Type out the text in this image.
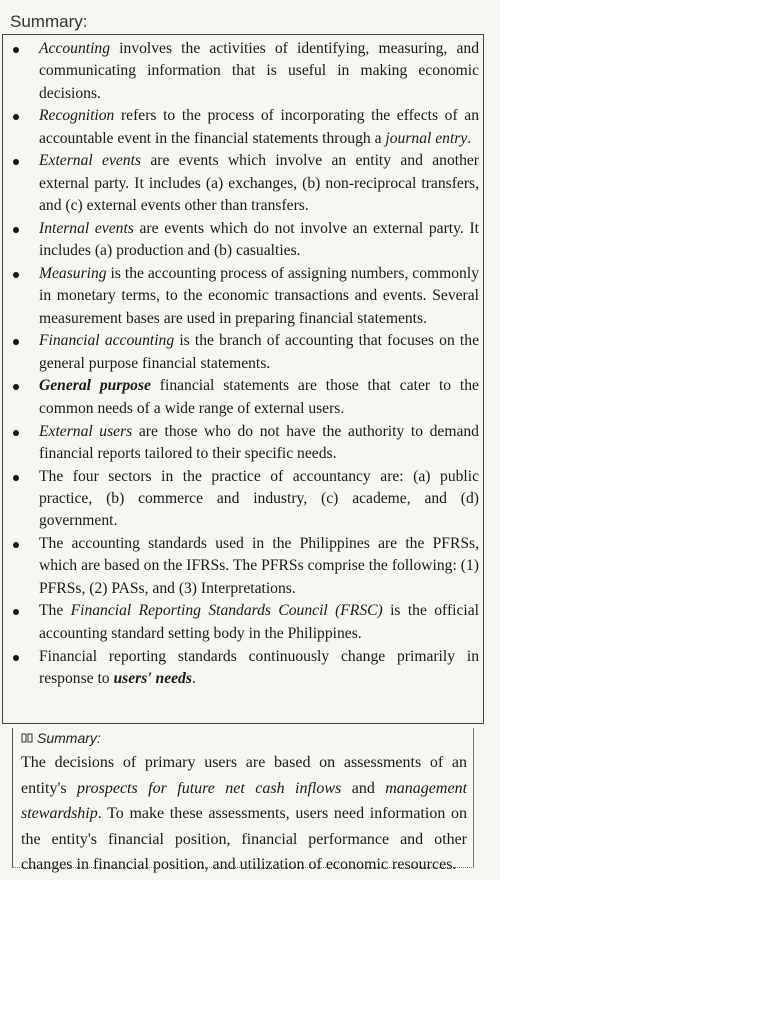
Summary:
Accounting involves the activities of identifying, measuring, and communicating information that is useful in making economic decisions.
Recognition refers to the process of incorporating the effects of an accountable event in the financial statements through a journal entry.
External events are events which involve an entity and another external party. It includes (a) exchanges, (b) non-reciprocal transfers, and (c) external events other than transfers.
Internal events are events which do not involve an external party. It includes (a) production and (b) casualties.
Measuring is the accounting process of assigning numbers, commonly in monetary terms, to the economic transactions and events. Several measurement bases are used in preparing financial statements.
Financial accounting is the branch of accounting that focuses on the general purpose financial statements.
General purpose financial statements are those that cater to the common needs of a wide range of external users.
External users are those who do not have the authority to demand financial reports tailored to their specific needs.
The four sectors in the practice of accountancy are: (a) public practice, (b) commerce and industry, (c) academe, and (d) government.
The accounting standards used in the Philippines are the PFRSs, which are based on the IFRSs. The PFRSs comprise the following: (1) PFRSs, (2) PASs, and (3) Interpretations.
The Financial Reporting Standards Council (FRSC) is the official accounting standard setting body in the Philippines.
Financial reporting standards continuously change primarily in response to users' needs.
Summary:
The decisions of primary users are based on assessments of an entity's prospects for future net cash inflows and management stewardship. To make these assessments, users need information on the entity's financial position, financial performance and other changes in financial position, and utilization of economic resources.
